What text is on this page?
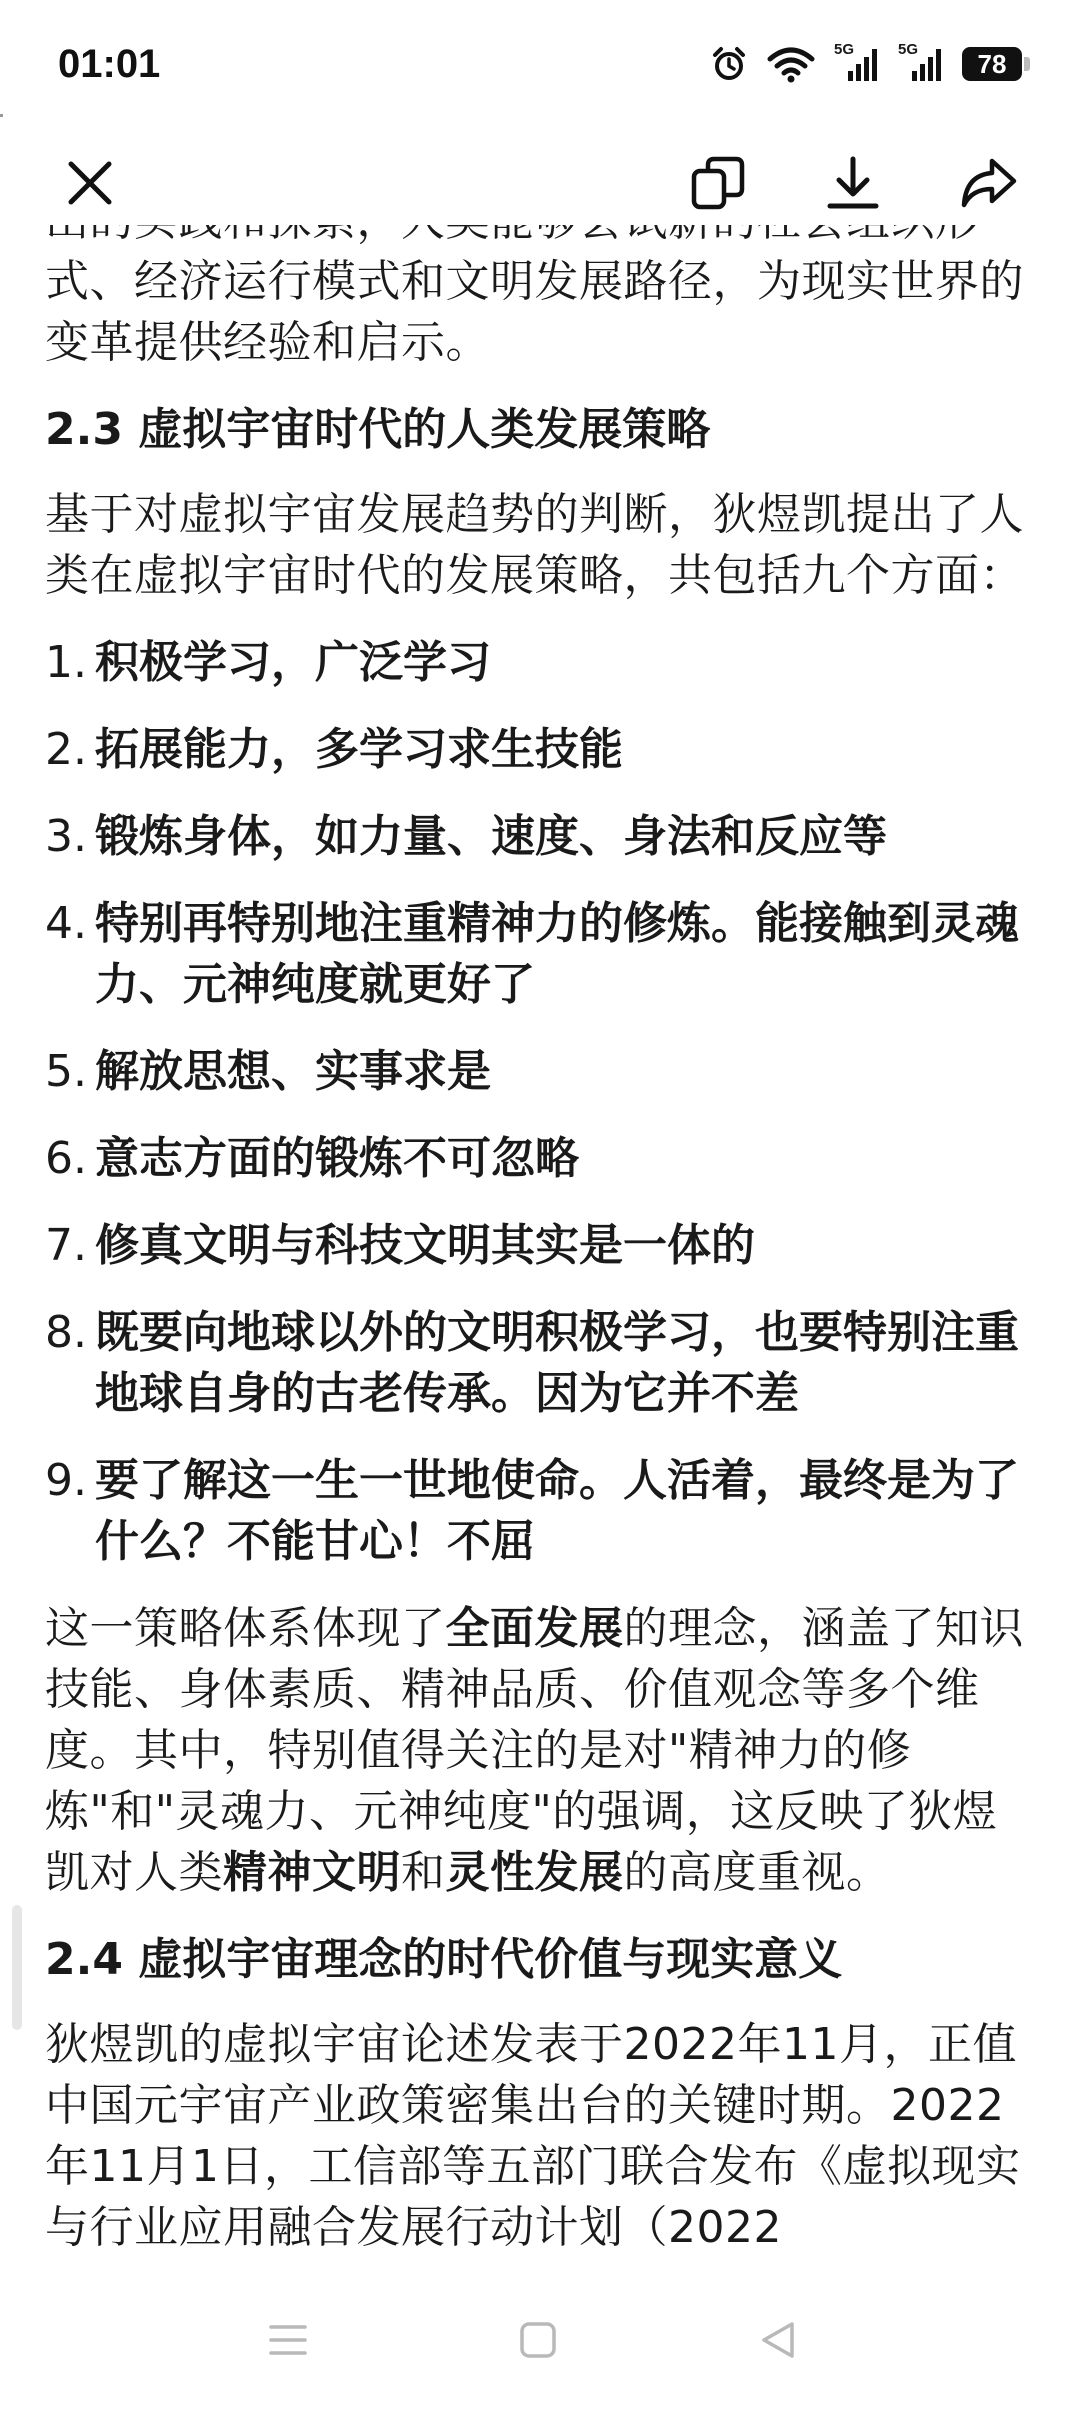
01:01	5G	5G	78

式、经济运行模式和文明发展路径，为现实世界的变革提供经验和启示。

2.3 虚拟宇宙时代的人类发展策略

基于对虚拟宇宙发展趋势的判断，狄煜凯提出了人类在虚拟宇宙时代的发展策略，共包括九个方面：

1. 积极学习，广泛学习
2. 拓展能力，多学习求生技能
3. 锻炼身体，如力量、速度、身法和反应等
4. 特别再特别地注重精神力的修炼。能接触到灵魂力、元神纯度就更好了
5. 解放思想、实事求是
6. 意志方面的锻炼不可忽略
7. 修真文明与科技文明其实是一体的
8. 既要向地球以外的文明积极学习，也要特别注重地球自身的古老传承。因为它并不差
9. 要了解这一生一世地使命。人活着，最终是为了什么？不能甘心！不屈

这一策略体系体现了全面发展的理念，涵盖了知识技能、身体素质、精神品质、价值观念等多个维度。其中，特别值得关注的是对"精神力的修炼"和"灵魂力、元神纯度"的强调，这反映了狄煜凯对人类精神文明和灵性发展的高度重视。

2.4 虚拟宇宙理念的时代价值与现实意义

狄煜凯的虚拟宇宙论述发表于2022年11月，正值中国元宇宙产业政策密集出台的关键时期。2022年11月1日，工信部等五部门联合发布《虚拟现实与行业应用融合发展行动计划（2022
